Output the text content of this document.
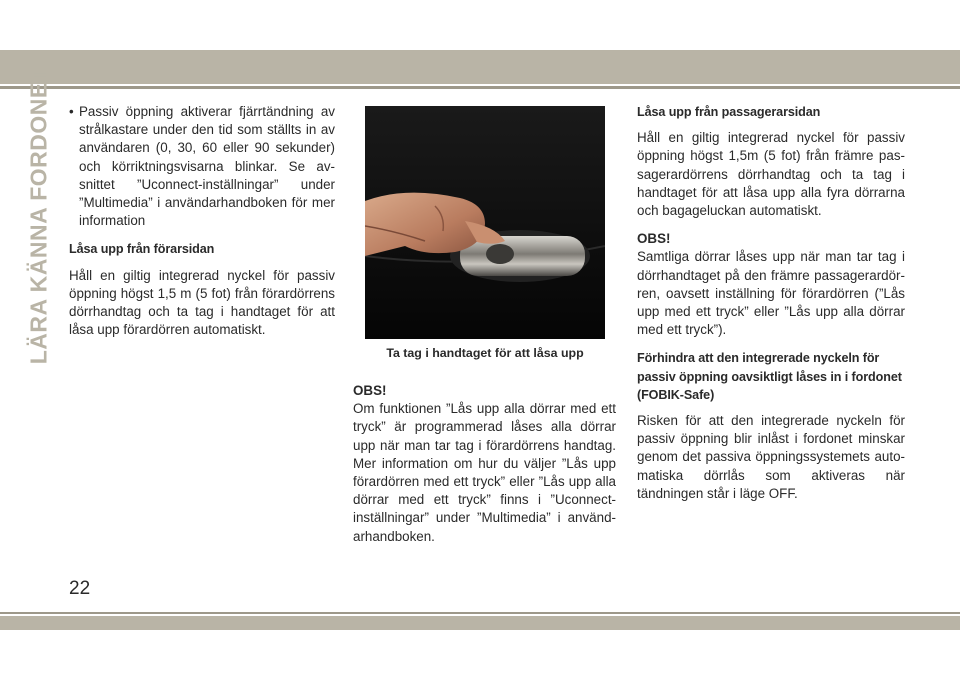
LÄRA KÄNNA FORDONET • Passiv öppning aktiverar fjärrtändning av strålkastare under den tid som ställts in av användaren (0, 30, 60 eller 90 sekunder) och körriktningsvisarna blinkar. Se avsnittet ”Uconnect-inställningar” under ”Multimedia” i användarhandboken för mer information
Låsa upp från förarsidan

Håll en giltig integrerad nyckel för passiv öppning högst 1,5 m (5 fot) från förardörrens dörrhandtag och ta tag i handtaget för att låsa upp förardörren automatiskt.

Ta tag i handtaget för att låsa upp

OBS!
Om funktionen ”Lås upp alla dörrar med ett tryck” är programmerad låses alla dörrar upp när man tar tag i förardörrens handtag. Mer information om hur du väljer ”Lås upp förardörren med ett tryck” eller ”Lås upp alla dörrar med ett tryck” finns i ”Uconnect-inställningar” under ”Multimedia” i användarhandboken.

Låsa upp från passagerarsidan

Håll en giltig integrerad nyckel för passiv öppning högst 1,5m (5 fot) från främre passagerardörrens dörrhandtag och ta tag i handtaget för att låsa upp alla fyra dörrarna och bagageluckan automatiskt.

OBS!
Samtliga dörrar låses upp när man tar tag i dörrhandtaget på den främre passagerardörren, oavsett inställning för förardörren (”Lås upp med ett tryck” eller ”Lås upp alla dörrar med ett tryck”).

Förhindra att den integrerade nyckeln för passiv öppning oavsiktligt låses in i fordonet (FOBIK-Safe)

Risken för att den integrerade nyckeln för passiv öppning blir inlåst i fordonet minskar genom det passiva öppningssystemets automatiska dörrlås som aktiveras när tändningen står i läge OFF.

22
